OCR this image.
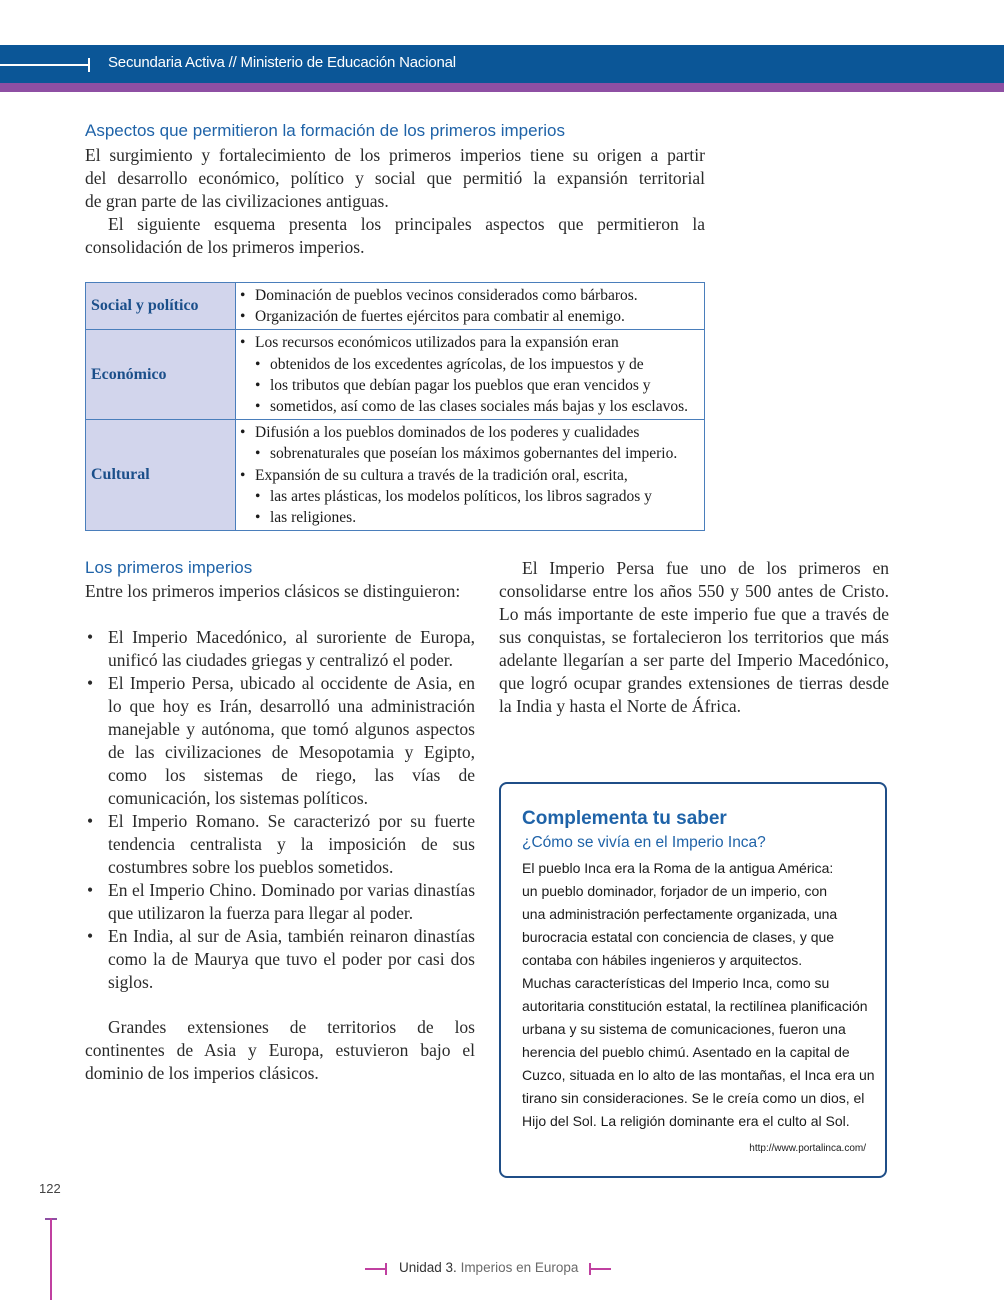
Secundaria Activa // Ministerio de Educación Nacional
Aspectos que permitieron la formación de los primeros imperios

El surgimiento y fortalecimiento de los primeros imperios tiene su origen a partir

del desarrollo económico, político y social que permitió la expansión territorial

de gran parte de las civilizaciones antiguas.

El siguiente esquema presenta los principales aspectos que permitieron la

consolidación de los primeros imperios.

Social y político	• Dominación de pueblos vecinos considerados como bárbaros.
• Organización de fuertes ejércitos para combatir al enemigo.

Económico	• Los recursos económicos utilizados para la expansión eran
• obtenidos de los excedentes agrícolas, de los impuestos y de
• los tributos que debían pagar los pueblos que eran vencidos y
• sometidos, así como de las clases sociales más bajas y los esclavos.

Cultural	• Difusión a los pueblos dominados de los poderes y cualidades
• sobrenaturales que poseían los máximos gobernantes del imperio.
• Expansión de su cultura a través de la tradición oral, escrita,
• las artes plásticas, los modelos políticos, los libros sagrados y
• las religiones.
Los primeros imperios
Entre los primeros imperios clásicos se distinguieron:
• El Imperio Macedónico, al suroriente de Europa, unificó las ciudades griegas y centralizó el poder.
• El Imperio Persa, ubicado al occidente de Asia, en lo que hoy es Irán, desarrolló una administración manejable y autónoma, que tomó algunos aspectos de las civilizaciones de Mesopotamia y Egipto, como los sistemas de riego, las vías de comunicación, los sistemas políticos.
• El Imperio Romano. Se caracterizó por su fuerte tendencia centralista y la imposición de sus costumbres sobre los pueblos sometidos.
• En el Imperio Chino. Dominado por varias dinastías que utilizaron la fuerza para llegar al poder.
• En India, al sur de Asia, también reinaron dinastías como la de Maurya que tuvo el poder por casi dos siglos.
Grandes extensiones de territorios de los continentes de Asia y Europa, estuvieron bajo el dominio de los imperios clásicos.
El Imperio Persa fue uno de los primeros en consolidarse entre los años 550 y 500 antes de Cristo. Lo más importante de este imperio fue que a través de sus conquistas, se fortalecieron los territorios que más adelante llegarían a ser parte del Imperio Macedónico, que logró ocupar grandes extensiones de tierras desde la India y hasta el Norte de África.
Complementa tu saber
¿Cómo se vivía en el Imperio Inca?
El pueblo Inca era la Roma de la antigua América:
un pueblo dominador, forjador de un imperio, con
una administración perfectamente organizada, una
burocracia estatal con conciencia de clases, y que
contaba con hábiles ingenieros y arquitectos.
Muchas características del Imperio Inca, como su
autoritaria constitución estatal, la rectilínea planificación
urbana y su sistema de comunicaciones, fueron una
herencia del pueblo chimú. Asentado en la capital de
Cuzco, situada en lo alto de las montañas, el Inca era un
tirano sin consideraciones. Se le creía como un dios, el
Hijo del Sol. La religión dominante era el culto al Sol.
http://www.portalinca.com/
122
Unidad 3. Imperios en Europa
